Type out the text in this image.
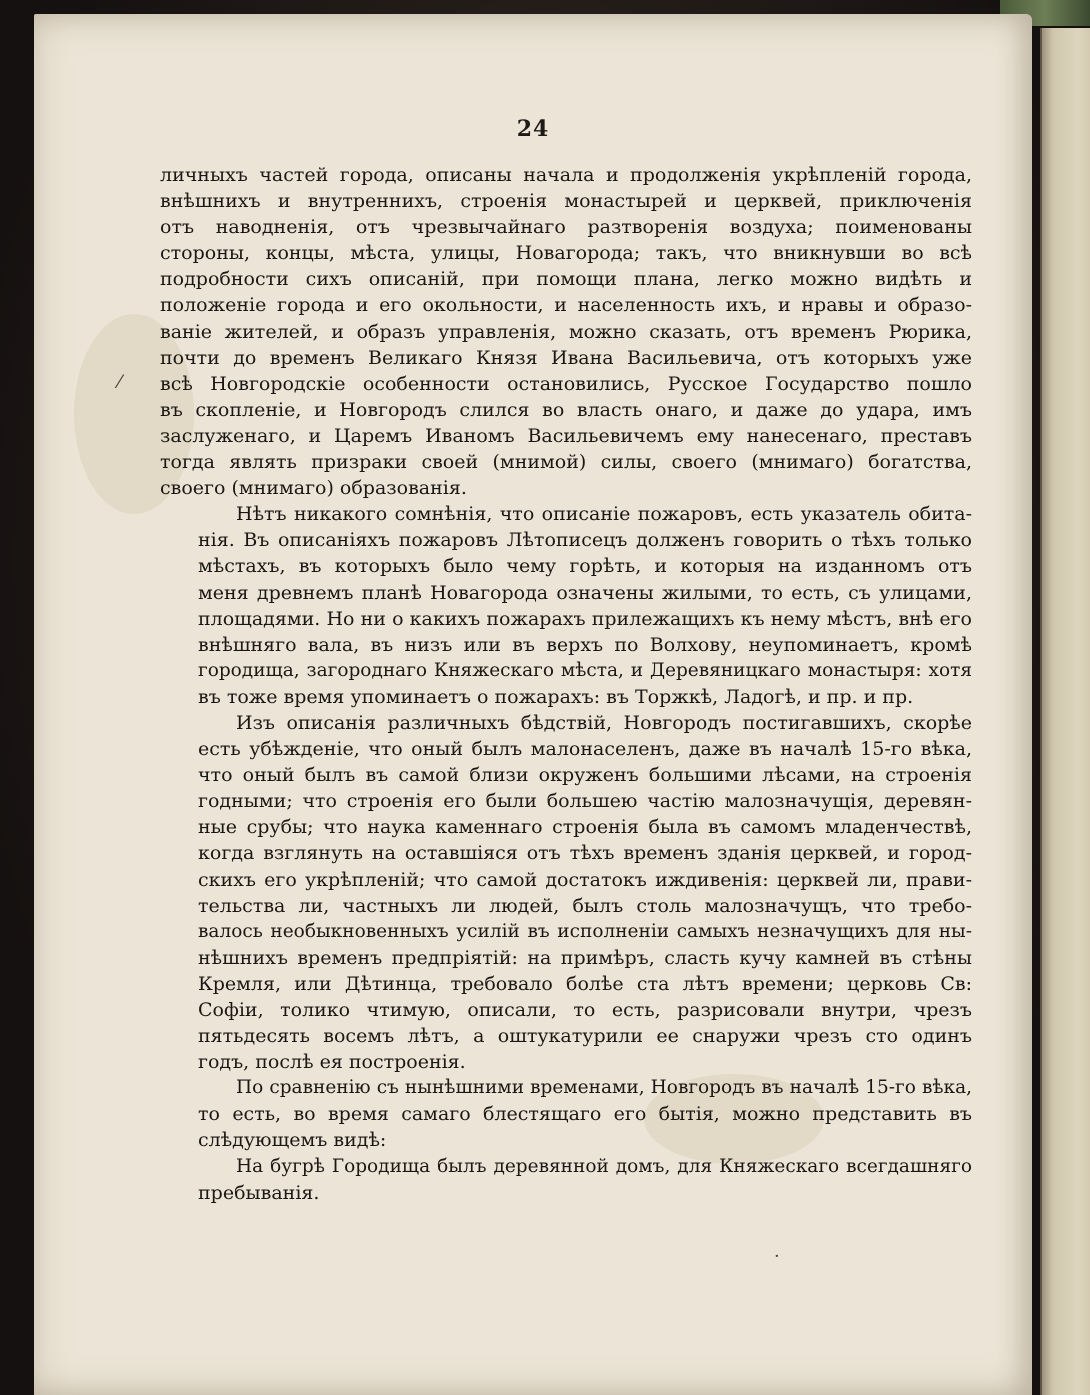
24

личныхъ частей города, описаны начала и продолженія укрѣпленій города,
внѣшнихъ и внутреннихъ, строенія монастырей и церквей, приключенія
отъ наводненія, отъ чрезвычайнаго разтворенія воздуха; поименованы
стороны, концы, мѣста, улицы, Новагорода; такъ, что вникнувши во всѣ
подробности сихъ описаній, при помощи плана, легко можно видѣть и
положеніе города и его окольности, и населенность ихъ, и нравы и образо-
ваніе жителей, и образъ управленія, можно сказать, отъ временъ Рюрика,
почти до временъ Великаго Князя Ивана Васильевича, отъ которыхъ уже
всѣ Новгородскіе особенности остановились, Русское Государство пошло
въ скопленіе, и Новгородъ слился во власть онаго, и даже до удара, имъ
заслуженаго, и Царемъ Иваномъ Васильевичемъ ему нанесенаго, преставъ
тогда являть призраки своей (мнимой) силы, своего (мнимаго) богатства,
своего (мнимаго) образованія.

Нѣтъ никакого сомнѣнія, что описаніе пожаровъ, есть указатель обита-
нія. Въ описаніяхъ пожаровъ Лѣтописецъ долженъ говорить о тѣхъ только
мѣстахъ, въ которыхъ было чему горѣть, и которыя на изданномъ отъ
меня древнемъ планѣ Новагорода означены жилыми, то есть, съ улицами,
площадями. Но ни о какихъ пожарахъ прилежащихъ къ нему мѣстъ, внѣ его
внѣшняго вала, въ низъ или въ верхъ по Волхову, неупоминаетъ, кромѣ
городища, загороднаго Княжескаго мѣста, и Деревяницкаго монастыря: хотя
въ тоже время упоминаетъ о пожарахъ: въ Торжкѣ, Ладогѣ, и пр. и пр.

Изъ описанія различныхъ бѣдствій, Новгородъ постигавшихъ, скорѣе
есть убѣжденіе, что оный былъ малонаселенъ, даже въ началѣ 15-го вѣка,
что оный былъ въ самой близи окруженъ большими лѣсами, на строенія
годными; что строенія его были большею частію малозначущія, деревян-
ные срубы; что наука каменнаго строенія была въ самомъ младенчествѣ,
когда взглянуть на оставшіяся отъ тѣхъ временъ зданія церквей, и город-
скихъ его укрѣпленій; что самой достатокъ иждивенія: церквей ли, прави-
тельства ли, частныхъ ли людей, былъ столь малозначущъ, что требо-
валось необыкновенныхъ усилій въ исполненіи самыхъ незначущихъ для ны-
нѣшнихъ временъ предпріятій: на примѣръ, сласть кучу камней въ стѣны
Кремля, или Дѣтинца, требовало болѣе ста лѣтъ времени; церковь Св:
Софіи, толико чтимую, описали, то есть, разрисовали внутри, чрезъ
пятьдесять восемъ лѣтъ, а оштукатурили ее снаружи чрезъ сто одинъ
годъ, послѣ ея построенія.

По сравненію съ нынѣшними временами, Новгородъ въ началѣ 15-го вѣка,
то есть, во время самаго блестящаго его бытія, можно представить въ
слѣдующемъ видѣ:

На бугрѣ Городища былъ деревянной домъ, для Княжескаго всегдашняго
пребыванія.

⁄
·
